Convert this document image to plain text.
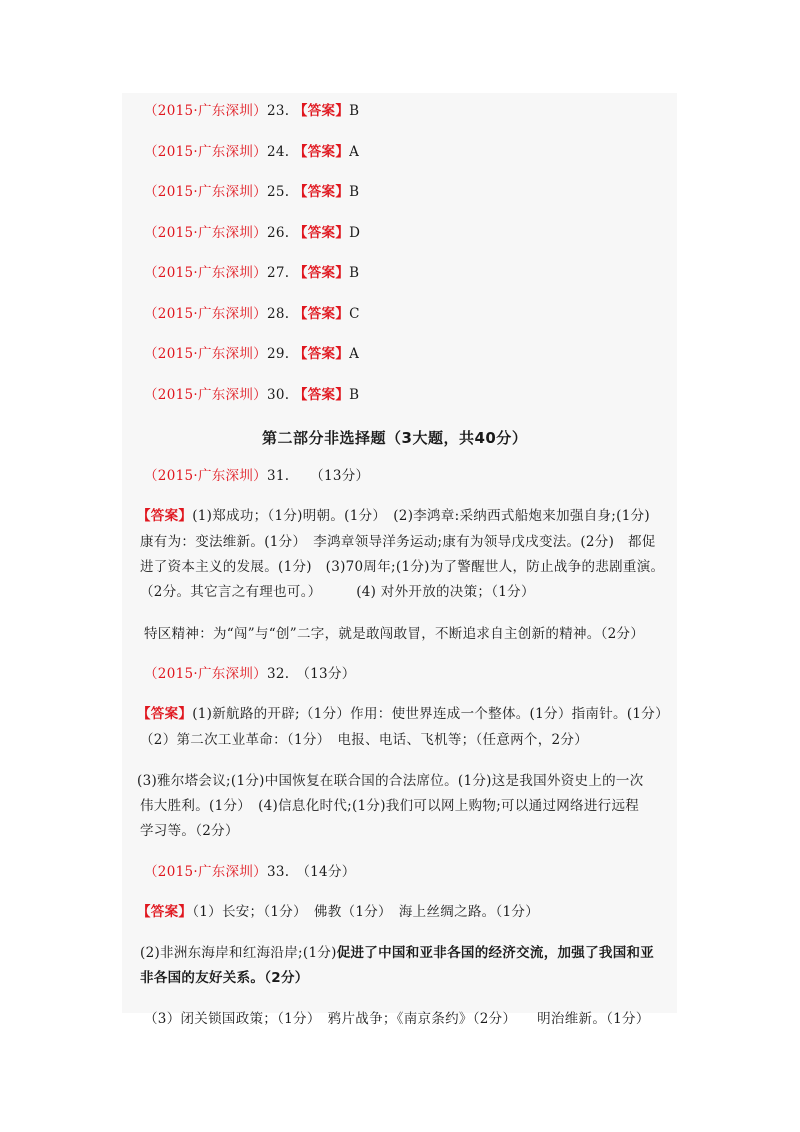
（2015·广东深圳）23. 【答案】B
（2015·广东深圳）24. 【答案】A
（2015·广东深圳）25. 【答案】B
（2015·广东深圳）26. 【答案】D
（2015·广东深圳）27. 【答案】B
（2015·广东深圳）28. 【答案】C
（2015·广东深圳）29. 【答案】A
（2015·广东深圳）30. 【答案】B
第二部分非选择题（3大题，共40分）
（2015·广东深圳）31.　　（13分）
【答案】(1)郑成功；（1分)明朝。(1分）　(2)李鸿章:采纳西式船炮来加强自身;(1分)
康有为：变法维新。(1分）　李鸿章领导洋务运动;康有为领导戊戌变法。(2分)　都促
进了资本主义的发展。(1分)　(3)70周年;(1分)为了警醒世人，防止战争的悲剧重演。
（2分。其它言之有理也可。）　　　(4) 对外开放的决策；（1分）
特区精神：为“闯”与“创”二字，就是敢闯敢冒，不断追求自主创新的精神。（2分）
（2015·广东深圳）32.　（13分）
【答案】(1)新航路的开辟;（1分）作用：使世界连成一个整体。(1分）指南针。(1分）
（2）第二次工业革命：（1分）　电报、电话、飞机等；（任意两个，2分）
(3)雅尔塔会议;(1分)中国恢复在联合国的合法席位。(1分)这是我国外资史上的一次
伟大胜利。(1分）　(4)信息化时代;(1分)我们可以网上购物;可以通过网络进行远程
学习等。（2分）
（2015·广东深圳）33.　（14分）
【答案】（1）长安；（1分）　佛教（1分）　海上丝绸之路。（1分）
(2)非洲东海岸和红海沿岸;(1分)促进了中国和亚非各国的经济交流，加强了我国和亚
非各国的友好关系。（2分）
（3）闭关锁国政策；（1分）　鸦片战争；《南京条约》（2分）　　明治维新。（1分）
